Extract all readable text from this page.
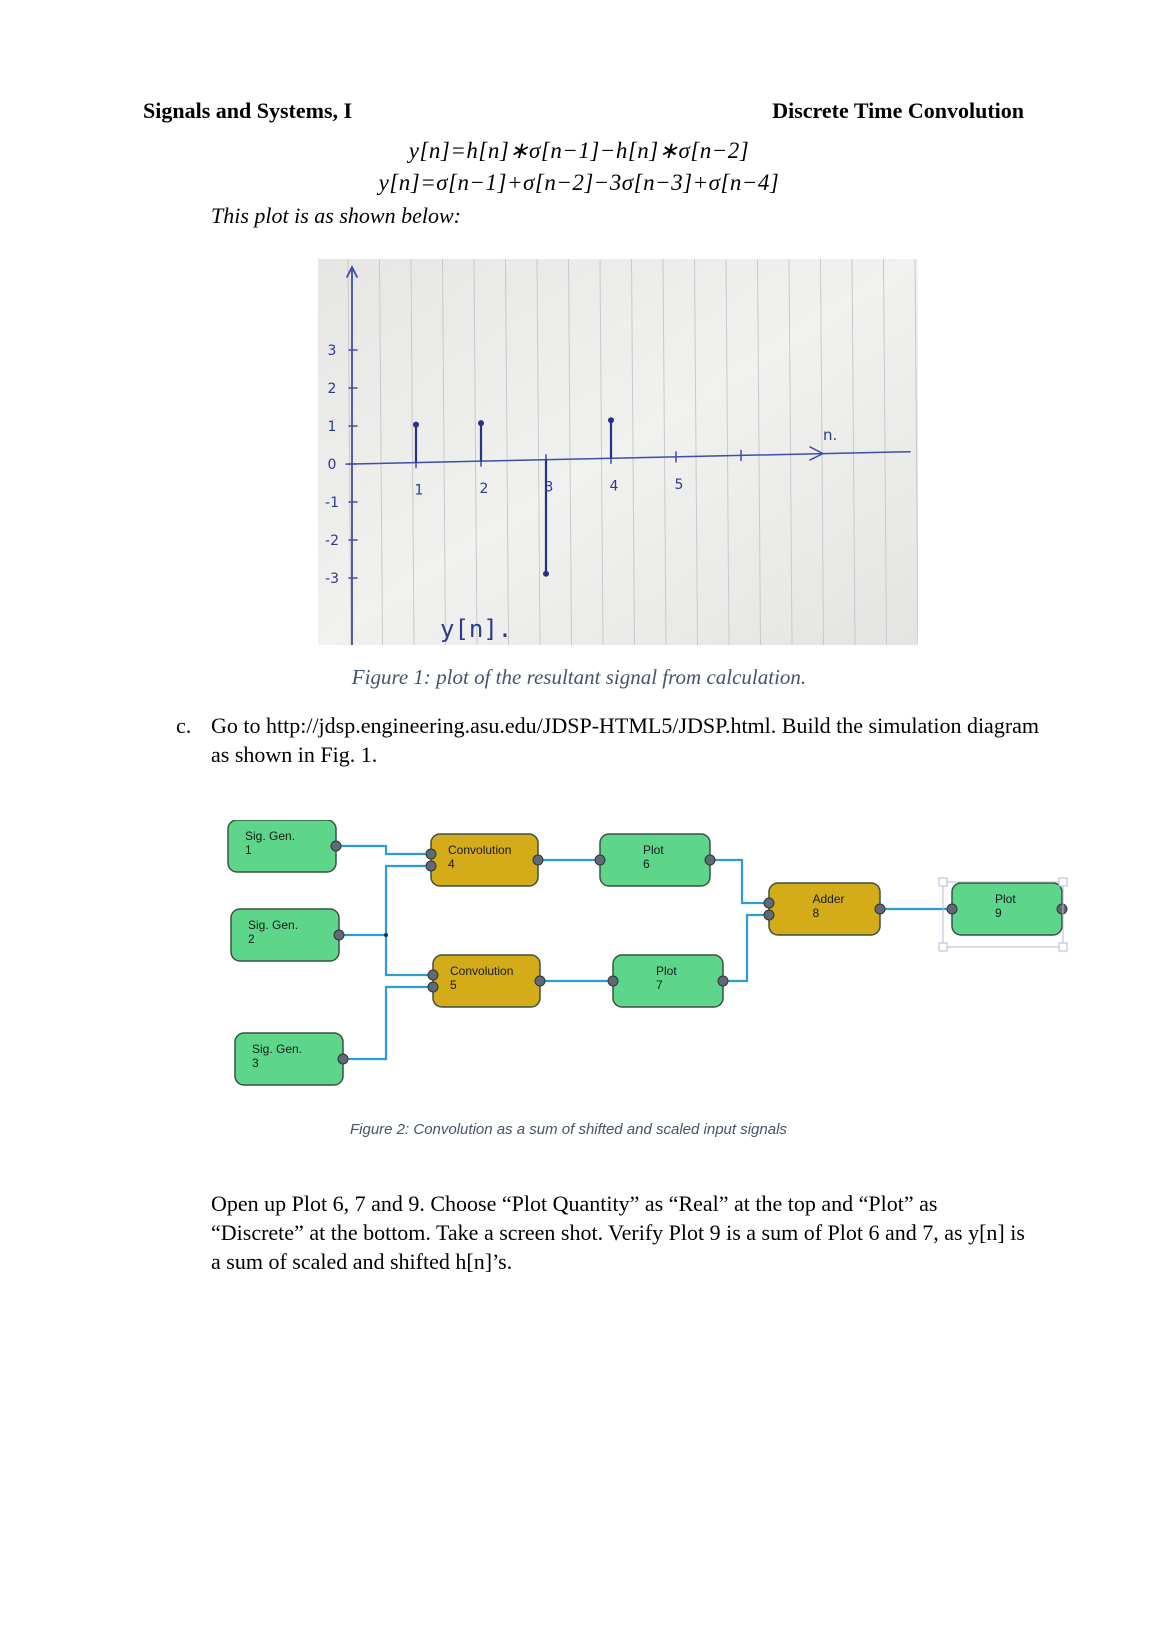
Signals and Systems, I	Discrete Time Convolution
y[n]=h[n]∗σ[n−1]−h[n]∗σ[n−2]
y[n]=σ[n−1]+σ[n−2]−3σ[n−3]+σ[n−4]
This plot is as shown below:
3
2
1
0
-1
-2
-3
1	2	3	4	5
n.
y[n].
Figure 1: plot of the resultant signal from calculation.
c. Go to http://jdsp.engineering.asu.edu/JDSP-HTML5/JDSP.html. Build the simulation diagram as shown in Fig. 1.
Sig. Gen.
1
Sig. Gen.
2
Sig. Gen.
3
Convolution
4
Convolution
5
Plot
6
Plot
7
Adder
8
Plot
9
Figure 2: Convolution as a sum of shifted and scaled input signals
Open up Plot 6, 7 and 9. Choose “Plot Quantity” as “Real” at the top and “Plot” as “Discrete” at the bottom. Take a screen shot. Verify Plot 9 is a sum of Plot 6 and 7, as y[n] is a sum of scaled and shifted h[n]’s.
